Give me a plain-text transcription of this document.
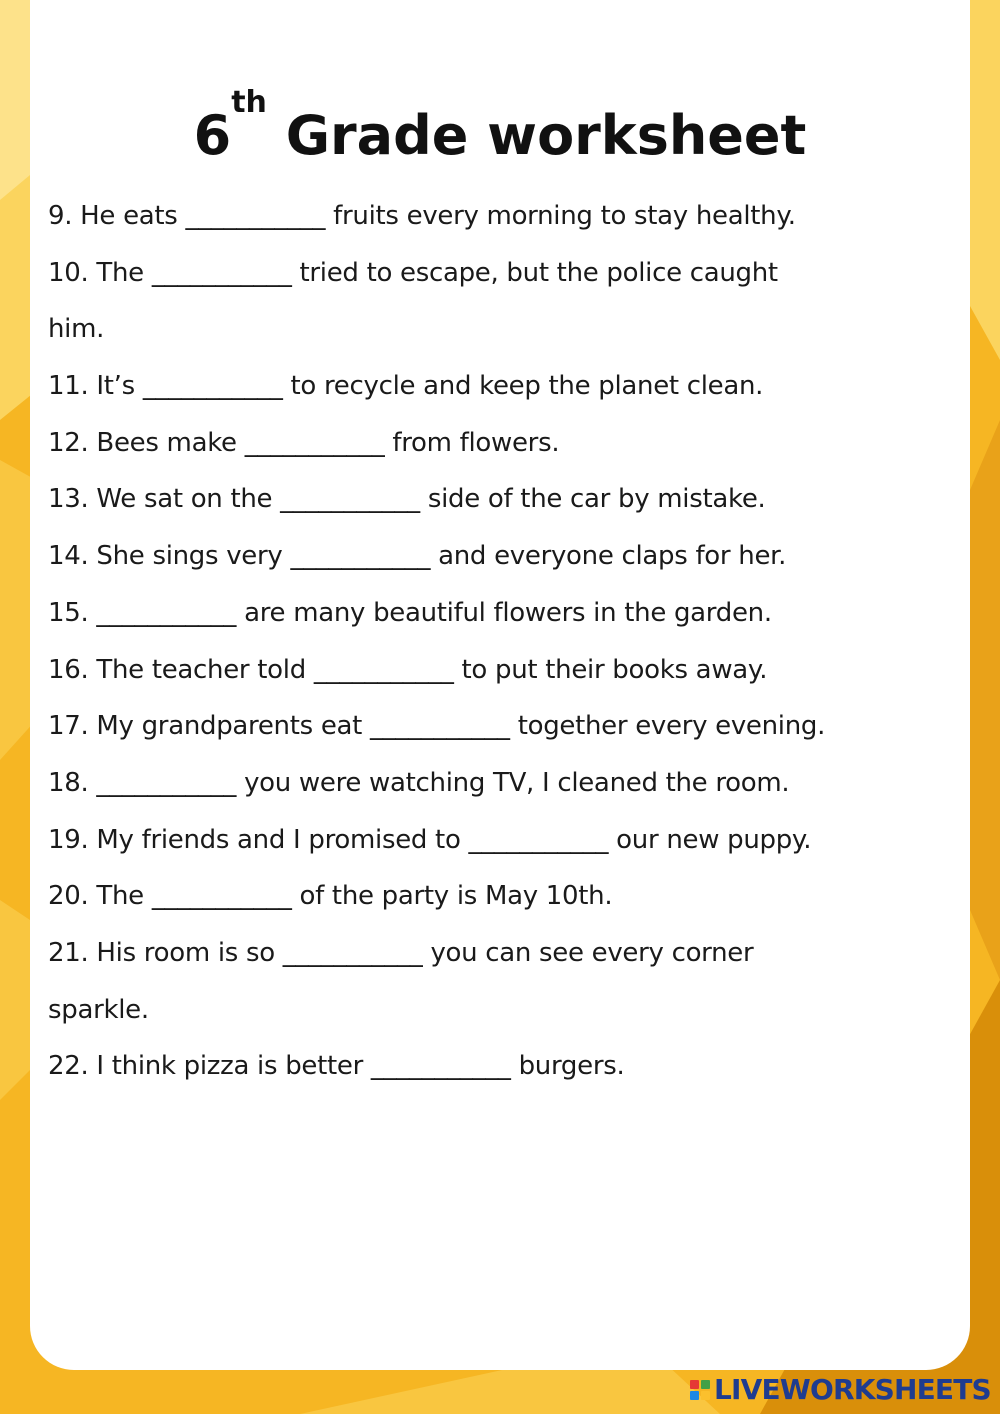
6th Grade worksheet
9. He eats ___________ fruits every morning to stay healthy.
10. The ___________ tried to escape, but the police caught
him.
11. It’s ___________ to recycle and keep the planet clean.
12. Bees make ___________ from flowers.
13. We sat on the ___________ side of the car by mistake.
14. She sings very ___________ and everyone claps for her.
15. ___________ are many beautiful flowers in the garden.
16. The teacher told ___________ to put their books away.
17. My grandparents eat ___________ together every evening.
18. ___________ you were watching TV, I cleaned the room.
19. My friends and I promised to ___________ our new puppy.
20. The ___________ of the party is May 10th.
21. His room is so ___________ you can see every corner
sparkle.
22. I think pizza is better ___________ burgers.
LIVEWORKSHEETS
